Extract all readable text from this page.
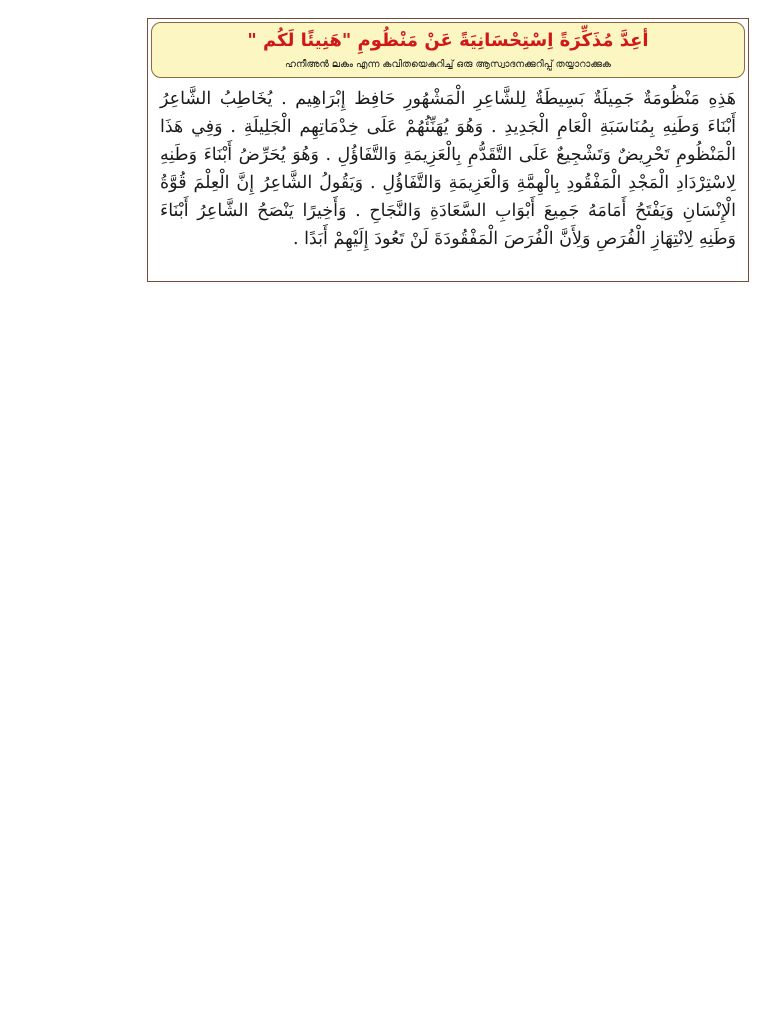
أعِدَّ مُذَكِّرَةً اِسْتِحْسَانِيَةً عَنْ مَنْظُومِ "هَنِيئًا لَكُم "
ഹനീഅൻ ലകം എന്ന കവിതയെകുറിച്ച് ഒരു ആസ്വാദനക്കുറിപ്പ് തയ്യാറാക്കുക
هَذِهِ مَنْظُومَةٌ جَمِيلَةٌ بَسِيطَةٌ لِلشَّاعِرِ الْمَشْهُورِ حَافِظ إِبْرَاهِيم . يُخَاطِبُ الشَّاعِرُ أَبْنَاءَ وَطَنِهِ بِمُنَاسَبَةِ الْعَامِ الْجَدِيدِ . وَهُوَ يُهَنِّئُهُمْ عَلَى خِدْمَاتِهِم الْجَلِيلَةِ . وَفِي هَذَا الْمَنْظُومِ تَحْرِيضٌ وَتَشْجِيعٌ عَلَى التَّقَدُّمِ بِالْعَزِيمَةِ وَالتَّفَاؤُلِ . وَهُوَ يُحَرِّضُ أَبْنَاءَ وَطَنِهِ لِاسْتِرْدَادِ الْمَجْدِ الْمَفْقُودِ بِالْهِمَّةِ وَالْعَزِيمَةِ وَالتَّفَاؤُلِ . وَيَقُولُ الشَّاعِرُ إِنَّ الْعِلْمَ قُوَّةُ الْإِنْسَانِ وَيَفْتَحُ أَمَامَهُ جَمِيعَ أَبْوَابِ السَّعَادَةِ وَالنَّجَاحِ . وَأَخِيرًا يَنْصَحُ الشَّاعِرُ أَبْنَاءَ وَطَنِهِ لِانْتِهَازِ الْفُرَصِ وَلِأَنَّ الْفُرَصَ الْمَفْقُودَةَ لَنْ تَعُودَ إِلَيْهِمْ أَبَدًا .
